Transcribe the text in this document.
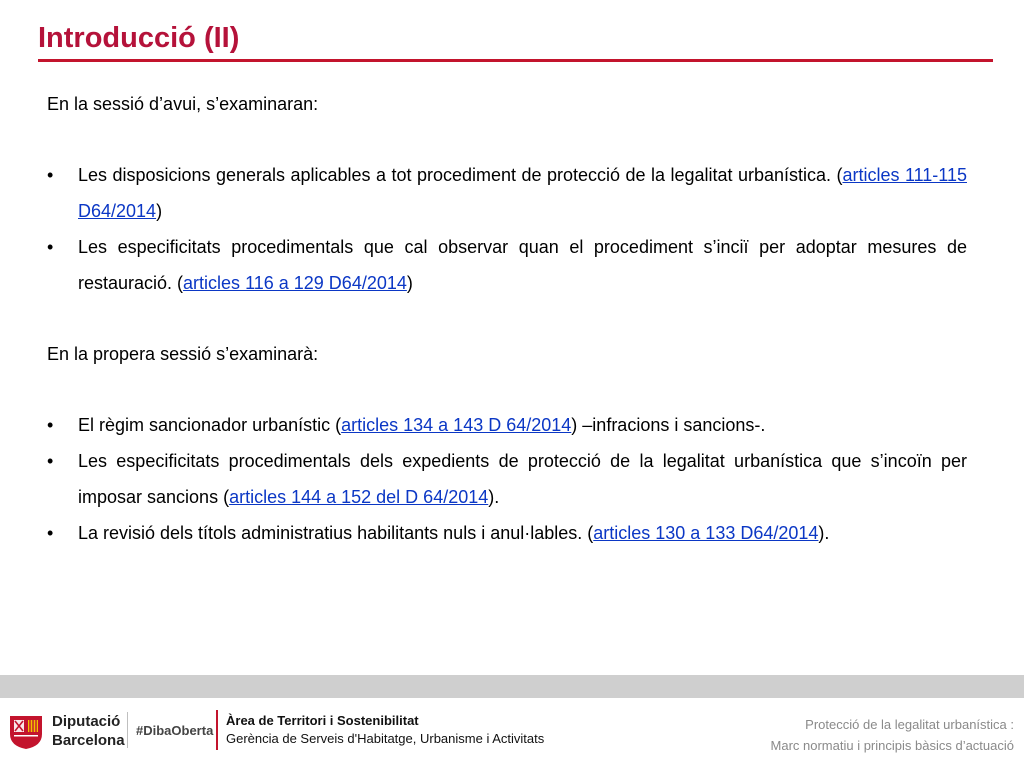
Introducció (II)

En la sessió d’avui, s’examinaran:

• Les disposicions generals aplicables a tot procediment de protecció de la legalitat urbanística. (articles 111-115 D64/2014)
• Les especificitats procedimentals que cal observar quan el procediment s’inciï per adoptar mesures de restauració. (articles 116 a 129 D64/2014)

En la propera sessió s’examinarà:

• El règim sancionador urbanístic (articles 134 a 143 D 64/2014) –infracions i sancions-.
• Les especificitats procedimentals dels expedients de protecció de la legalitat urbanística que s’incoïn per imposar sancions (articles 144 a 152 del D 64/2014).
• La revisió dels títols administratius habilitants nuls i anul·lables. (articles 130 a 133 D64/2014).
Diputació
Barcelona
#DibaOberta
Àrea de Territori i Sostenibilitat
Gerència de Serveis d'Habitatge, Urbanisme i Activitats
Protecció de la legalitat urbanística :
Marc normatiu i principis bàsics d’actuació
